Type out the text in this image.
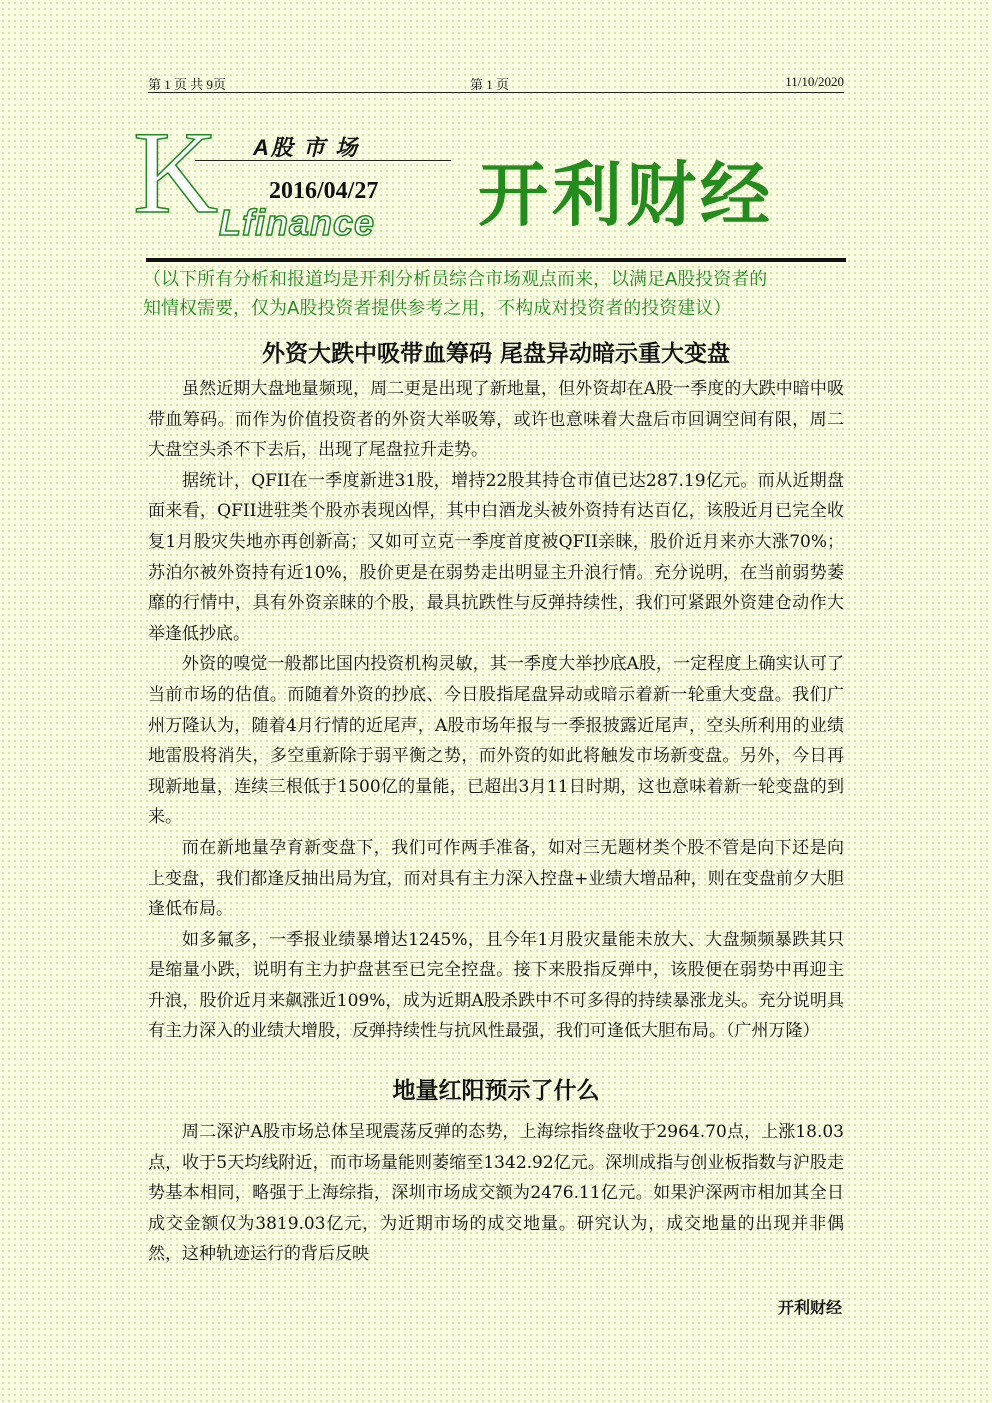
第 1 页 共 9页	第 1 页	11/10/2020
K A股 市 场
2016/04/27
Lfinance 开利财经

（以下所有分析和报道均是开利分析员综合市场观点而来，以满足A股投资者的

知情权需要，仅为A股投资者提供参考之用，不构成对投资者的投资建议）

外资大跌中吸带血筹码 尾盘异动暗示重大变盘

虽然近期大盘地量频现，周二更是出现了新地量，但外资却在A股一季度的大跌中暗中吸带血筹码。而作为价值投资者的外资大举吸筹，或许也意味着大盘后市回调空间有限，周二大盘空头杀不下去后，出现了尾盘拉升走势。

据统计，QFII在一季度新进31股，增持22股其持仓市值已达287.19亿元。而从近期盘面来看，QFII进驻类个股亦表现凶悍，其中白酒龙头被外资持有达百亿，该股近月已完全收复1月股灾失地亦再创新高；又如可立克一季度首度被QFII亲睐，股价近月来亦大涨70%；苏泊尔被外资持有近10%，股价更是在弱势走出明显主升浪行情。充分说明，在当前弱势萎靡的行情中，具有外资亲睐的个股，最具抗跌性与反弹持续性，我们可紧跟外资建仓动作大举逢低抄底。

外资的嗅觉一般都比国内投资机构灵敏，其一季度大举抄底A股，一定程度上确实认可了当前市场的估值。而随着外资的抄底、今日股指尾盘异动或暗示着新一轮重大变盘。我们广州万隆认为，随着4月行情的近尾声，A股市场年报与一季报披露近尾声，空头所利用的业绩地雷股将消失，多空重新除于弱平衡之势，而外资的如此将触发市场新变盘。另外，今日再现新地量，连续三根低于1500亿的量能，已超出3月11日时期，这也意味着新一轮变盘的到来。

而在新地量孕育新变盘下，我们可作两手准备，如对三无题材类个股不管是向下还是向上变盘，我们都逢反抽出局为宜，而对具有主力深入控盘+业绩大增品种，则在变盘前夕大胆逢低布局。

如多氟多，一季报业绩暴增达1245%，且今年1月股灾量能未放大、大盘频频暴跌其只是缩量小跌，说明有主力护盘甚至已完全控盘。接下来股指反弹中，该股便在弱势中再迎主升浪，股价近月来飙涨近109%，成为近期A股杀跌中不可多得的持续暴涨龙头。充分说明具有主力深入的业绩大增股，反弹持续性与抗风性最强，我们可逢低大胆布局。（广州万隆）

地量红阳预示了什么

周二深沪A股市场总体呈现震荡反弹的态势，上海综指终盘收于2964.70点，上涨18.03点，收于5天均线附近，而市场量能则萎缩至1342.92亿元。深圳成指与创业板指数与沪股走势基本相同，略强于上海综指，深圳市场成交额为2476.11亿元。如果沪深两市相加其全日成交金额仅为3819.03亿元，为近期市场的成交地量。研究认为，成交地量的出现并非偶然，这种轨迹运行的背后反映

开利财经
